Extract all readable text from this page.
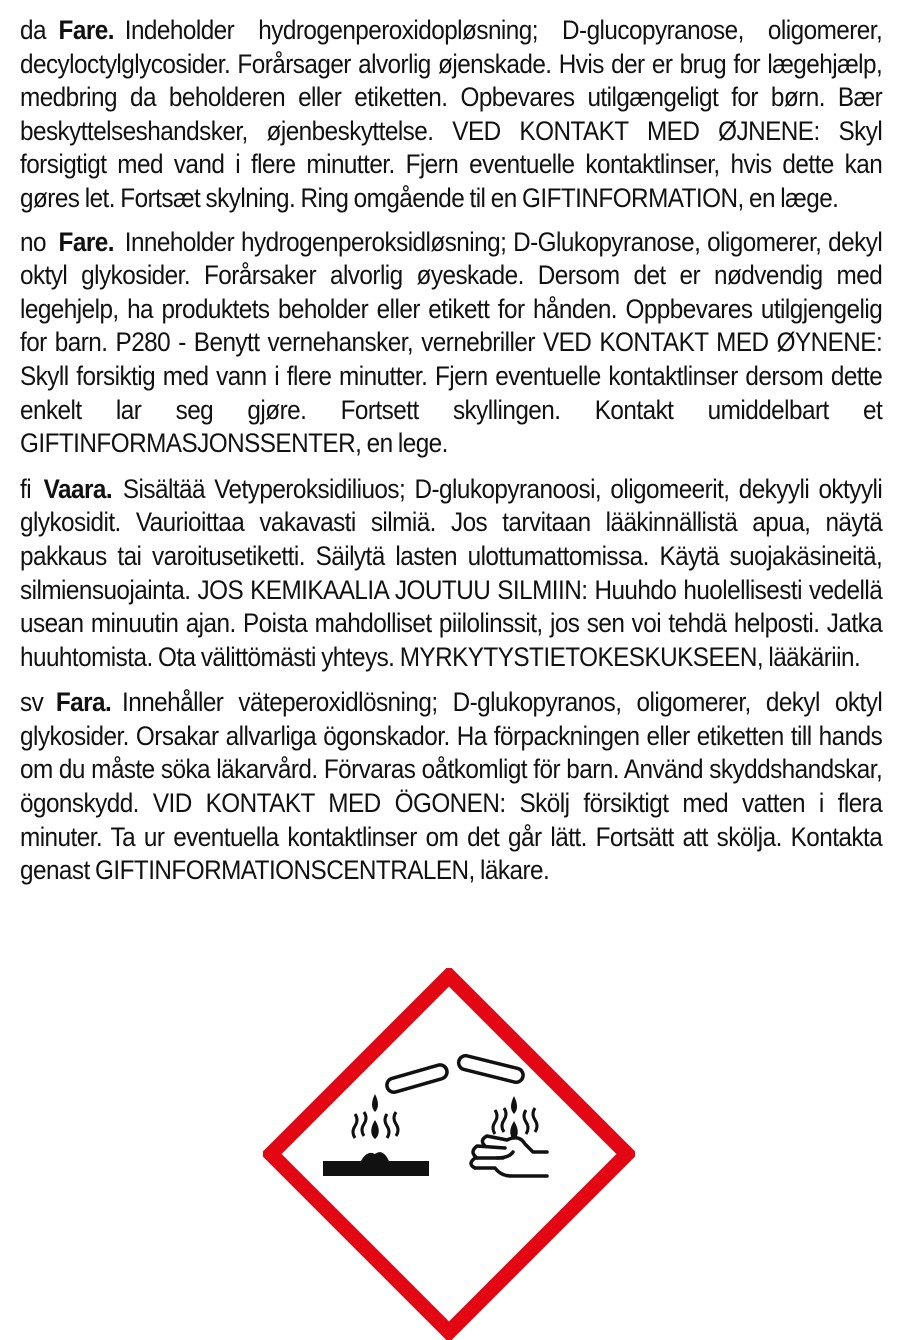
da Fare. Indeholder hydrogenperoxidopløsning; D-glucopyranose, oligomerer, decyloctylglycosider. Forårsager alvorlig øjenskade. Hvis der er brug for lægehjælp, medbring da beholderen eller etiketten. Opbevares utilgængeligt for børn. Bær beskyttelseshandsker, øjenbeskyttelse. VED KONTAKT MED ØJNENE: Skyl forsigtigt med vand i flere minutter. Fjern eventuelle kontaktlinser, hvis dette kan gøres let. Fortsæt skylning. Ring omgående til en GIFTINFORMATION, en læge.

no Fare. Inneholder hydrogenperoksidløsning; D-Glukopyranose, oligomerer, dekyl oktyl glykosider. Forårsaker alvorlig øyeskade. Dersom det er nødvendig med legehjelp, ha produktets beholder eller etikett for hånden. Oppbevares utilgjengelig for barn. P280 - Benytt vernehansker, vernebriller VED KONTAKT MED ØYNENE: Skyll forsiktig med vann i flere minutter. Fjern eventuelle kontaktlinser dersom dette enkelt lar seg gjøre. Fortsett skyllingen. Kontakt umiddelbart et GIFTINFORMASJONSSENTER, en lege.

fi Vaara. Sisältää Vetyperoksidiliuos; D-glukopyranoosi, oligomeerit, dekyyli oktyyli glykosidit. Vaurioittaa vakavasti silmiä. Jos tarvitaan lääkinnällistä apua, näytä pakkaus tai varoitusetiketti. Säilytä lasten ulottumattomissa. Käytä suojakäsineitä, silmiensuojainta. JOS KEMIKAALIA JOUTUU SILMIIN: Huuhdo huolellisesti vedellä usean minuutin ajan. Poista mahdolliset piilolinssit, jos sen voi tehdä helposti. Jatka huuhtomista. Ota välittömästi yhteys. MYRKYTYSTIETOKESKUKSEEN, lääkäriin.

sv Fara. Innehåller väteperoxidlösning; D-glukopyranos, oligomerer, dekyl oktyl glykosider. Orsakar allvarliga ögonskador. Ha förpackningen eller etiketten till hands om du måste söka läkarvård. Förvaras oåtkomligt för barn. Använd skyddshandskar, ögonskydd. VID KONTAKT MED ÖGONEN: Skölj försiktigt med vatten i flera minuter. Ta ur eventuella kontaktlinser om det går lätt. Fortsätt att skölja. Kontakta genast GIFTINFORMATIONSCENTRALEN, läkare.
